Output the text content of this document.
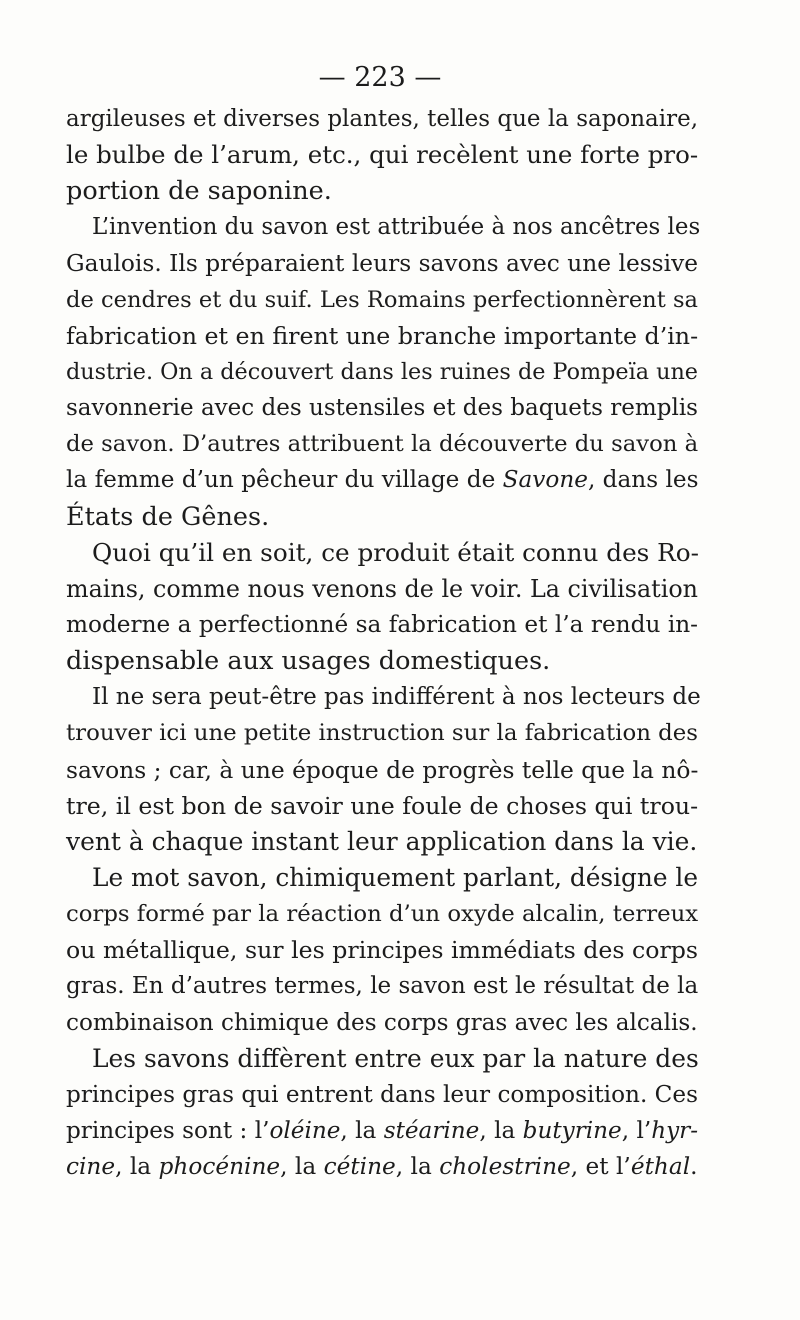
— 223 —
argileuses et diverses plantes, telles que la saponaire,
le bulbe de l’arum, etc., qui recèlent une forte pro-
portion de saponine.
L’invention du savon est attribuée à nos ancêtres les
Gaulois. Ils préparaient leurs savons avec une lessive
de cendres et du suif. Les Romains perfectionnèrent sa
fabrication et en firent une branche importante d’in-
dustrie. On a découvert dans les ruines de Pompeïa une
savonnerie avec des ustensiles et des baquets remplis
de savon. D’autres attribuent la découverte du savon à
la femme d’un pêcheur du village de Savone, dans les
États de Gênes.
Quoi qu’il en soit, ce produit était connu des Ro-
mains, comme nous venons de le voir. La civilisation
moderne a perfectionné sa fabrication et l’a rendu in-
dispensable aux usages domestiques.
Il ne sera peut-être pas indifférent à nos lecteurs de
trouver ici une petite instruction sur la fabrication des
savons ; car, à une époque de progrès telle que la nô-
tre, il est bon de savoir une foule de choses qui trou-
vent à chaque instant leur application dans la vie.
Le mot savon, chimiquement parlant, désigne le
corps formé par la réaction d’un oxyde alcalin, terreux
ou métallique, sur les principes immédiats des corps
gras. En d’autres termes, le savon est le résultat de la
combinaison chimique des corps gras avec les alcalis.
Les savons diffèrent entre eux par la nature des
principes gras qui entrent dans leur composition. Ces
principes sont : l’oléine, la stéarine, la butyrine, l’hyr-
cine, la phocénine, la cétine, la cholestrine, et l’éthal.
